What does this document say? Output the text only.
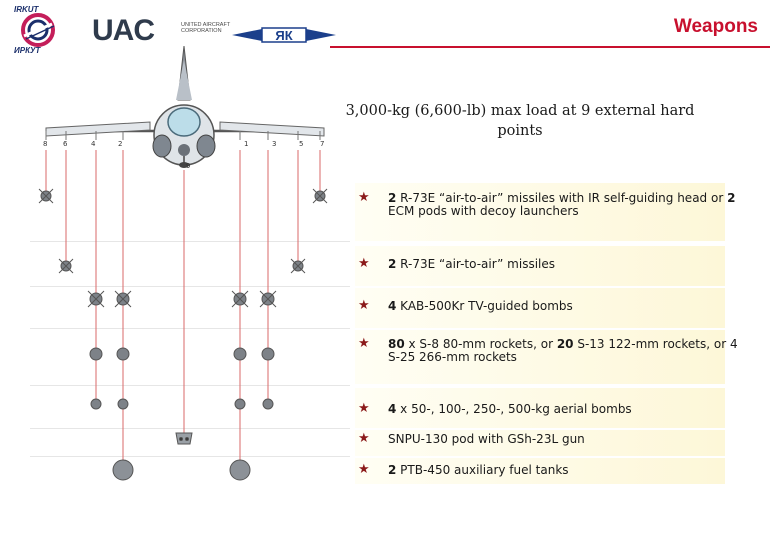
IRKUT
ИРКУТ
UAC	UNITED AIRCRAFT CORPORATION	ЯК	Weapons
3,000-kg (6,600-lb) max load at 9 external hard points
8 6	4	2
9
1	3	5 7
★ 2 R-73E “air-to-air” missiles with IR self-guiding head or 2 ECM pods with decoy launchers
★ 2 R-73E “air-to-air” missiles
★ 4 KAB-500Kr TV-guided bombs
★ 80 x S-8 80-mm rockets, or 20 S-13 122-mm rockets, or 4 S-25 266-mm rockets
★ 4 x 50-, 100-, 250-, 500-kg aerial bombs
★ SNPU-130 pod with GSh-23L gun
★ 2 PTB-450 auxiliary fuel tanks
